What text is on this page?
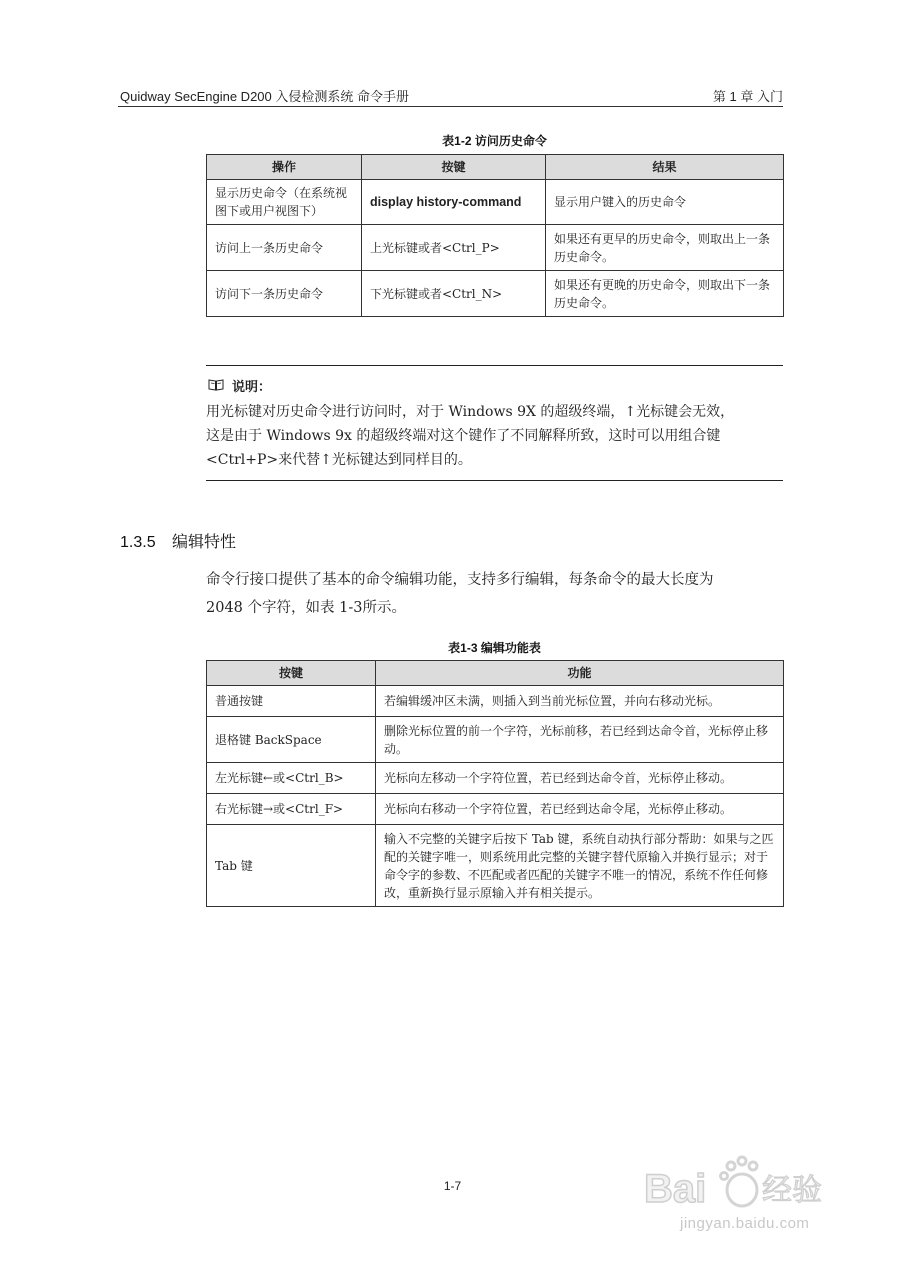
Quidway SecEngine D200 入侵检测系统 命令手册	第 1 章 入门
表1-2 访问历史命令
操作	按键	结果
显示历史命令（在系统视图下或用户视图下）	display history-command	显示用户键入的历史命令
访问上一条历史命令	上光标键或者<Ctrl_P>	如果还有更早的历史命令，则取出上一条历史命令。
访问下一条历史命令	下光标键或者<Ctrl_N>	如果还有更晚的历史命令，则取出下一条历史命令。
说明：
用光标键对历史命令进行访问时，对于 Windows 9X 的超级终端，↑光标键会无效，
这是由于 Windows 9x 的超级终端对这个键作了不同解释所致，这时可以用组合键
<Ctrl+P>来代替↑光标键达到同样目的。
1.3.5 编辑特性
命令行接口提供了基本的命令编辑功能，支持多行编辑，每条命令的最大长度为
2048 个字符，如表 1-3所示。
表1-3 编辑功能表
按键	功能
普通按键	若编辑缓冲区未满，则插入到当前光标位置，并向右移动光标。
退格键 BackSpace	删除光标位置的前一个字符，光标前移，若已经到达命令首，光标停止移动。
左光标键←或<Ctrl_B>	光标向左移动一个字符位置，若已经到达命令首，光标停止移动。
右光标键→或<Ctrl_F>	光标向右移动一个字符位置，若已经到达命令尾，光标停止移动。
Tab 键	输入不完整的关键字后按下 Tab 键，系统自动执行部分帮助：如果与之匹配的关键字唯一，则系统用此完整的关键字替代原输入并换行显示；对于命令字的参数、不匹配或者匹配的关键字不唯一的情况，系统不作任何修改，重新换行显示原输入并有相关提示。
1-7	Bai 经验
jingyan.baidu.com
